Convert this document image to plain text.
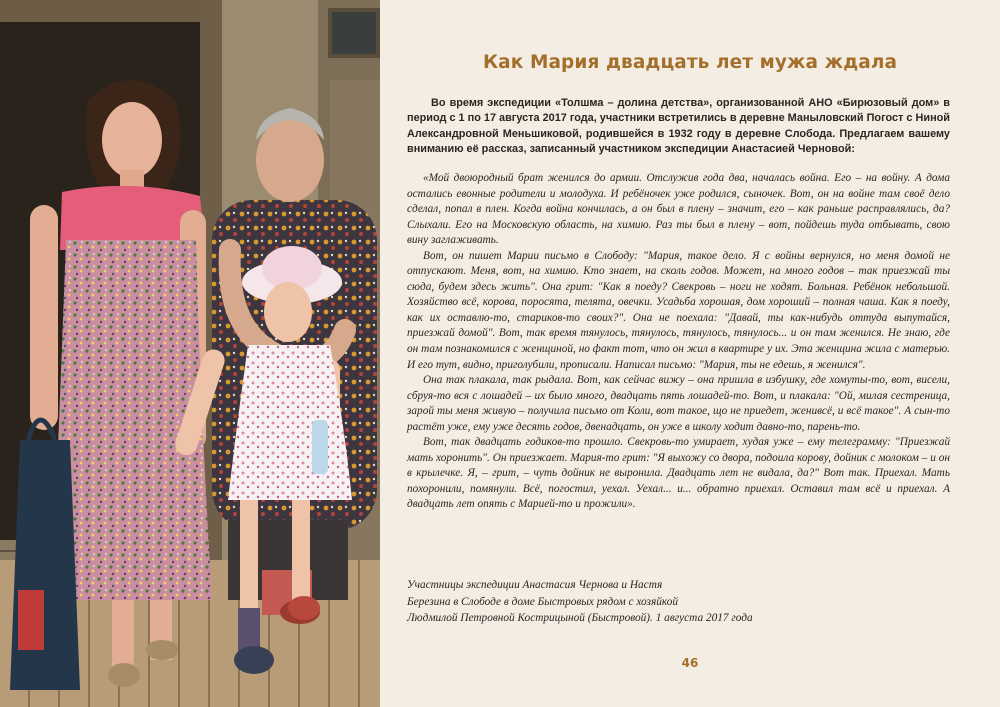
Как Мария двадцать лет мужа ждала

Во время экспедиции «Толшма – долина детства», организованной АНО «Бирюзовый дом» в период с 1 по 17 августа 2017 года, участники встретились в деревне Маныловский Погост с Ниной Александровной Меньшиковой, родившейся в 1932 году в деревне Слобода. Предлагаем вашему вниманию её рассказ, записанный участником экспедиции Анастасией Черновой:

«Мой двоюродный брат женился до армии. Отслужив года два, началась война. Его – на войну. А дома остались евонные родители и молодуха. И ребёночек уже родился, сыночек. Вот, он на войне там своё дело сделал, попал в плен. Когда война кончилась, а он был в плену – значит, его – как раньше расправлялись, да? Слыхали. Его на Московскую область, на химию. Раз ты был в плену – вот, пойдешь туда отбывать, свою вину заглаживать.

Вот, он пишет Марии письмо в Слободу: "Мария, такое дело. Я с войны вернулся, но меня домой не отпускают. Меня, вот, на химию. Кто знает, на сколь годов. Может, на много годов – так приезжай ты сюда, будем здесь жить". Она грит: "Как я поеду? Свекровь – ноги не ходят. Больная. Ребёнок небольшой. Хозяйство всё, корова, поросята, телята, овечки. Усадьба хорошая, дом хороший – полная чаша. Как я поеду, как их оставлю-то, стариков-то своих?". Она не поехала: "Давай, ты как-нибудь оттуда выпутайся, приезжай домой". Вот, так время тянулось, тянулось, тянулось, тянулось... и он там женился. Не знаю, где он там познакомился с женщиной, но факт тот, что он жил в квартире у их. Эта женщина жила с матерью. И его тут, видно, приголубили, прописали. Написал письмо: "Мария, ты не едешь, я женился".

Она так плакала, так рыдала. Вот, как сейчас вижу – она пришла в избушку, где хомуты-то, вот, висели, сбруя-то вся с лошадей – их было много, двадцать пять лошадей-то. Вот, и плакала: "Ой, милая сестреница, зарой ты меня живую – получила письмо от Коли, вот такое, що не приедет, женивсё, и всё такое". А сын-то растёт уже, ему уже десять годов, двенадцать, он уже в школу ходит давно-то, парень-то.

Вот, так двадцать годиков-то прошло. Свекровь-то умирает, худая уже – ему телеграмму: "Приезжай мать хоронить". Он приезжает. Мария-то грит: "Я выхожу со двора, подоила корову, дойник с молоком – и он в крылечке. Я, – грит, – чуть дойник не выронила. Двадцать лет не видала, да?" Вот так. Приехал. Мать похоронили, помянули. Всё, погостил, уехал. Уехал... и... обратно приехал. Оставил там всё и приехал. А двадцать лет опять с Марией-то и прожили».

Участницы экспедиции Анастасия Чернова и Настя
Березина в Слободе в доме Быстровых рядом с хозяйкой
Людмилой Петровной Кострицыной (Быстровой). 1 августа 2017 года
46
